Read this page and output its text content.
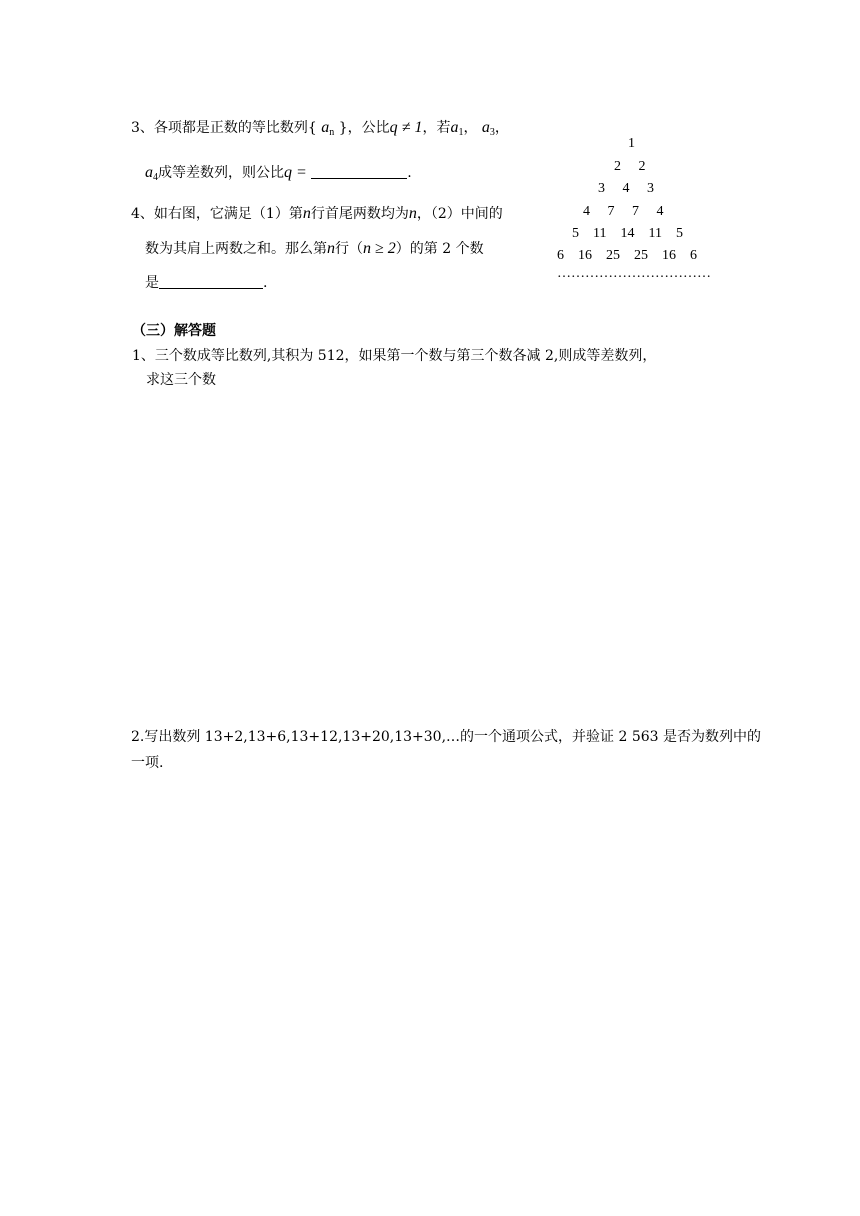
3、各项都是正数的等比数列{ $a_n$ }，公比q ≠ 1，若$a_1$， $a_3$，
$a_4$成等差数列，则公比q =	.
4、如右图，它满足（1）第n行首尾两数均为n，（2）中间的
数为其肩上两数之和。那么第n行（n ≥ 2）的第 2 个数
是	.
1
2     2
3     4     3
4     7     7     4
5    11    14    11    5
6    16    25    25    16    6
……………………………
（三）解答题
1、三个数成等比数列,其积为 512，如果第一个数与第三个数各减 2,则成等差数列，
求这三个数
2.写出数列 13+2,13+6,13+12,13+20,13+30,…的一个通项公式，并验证 2 563 是否为数列中的
一项.
